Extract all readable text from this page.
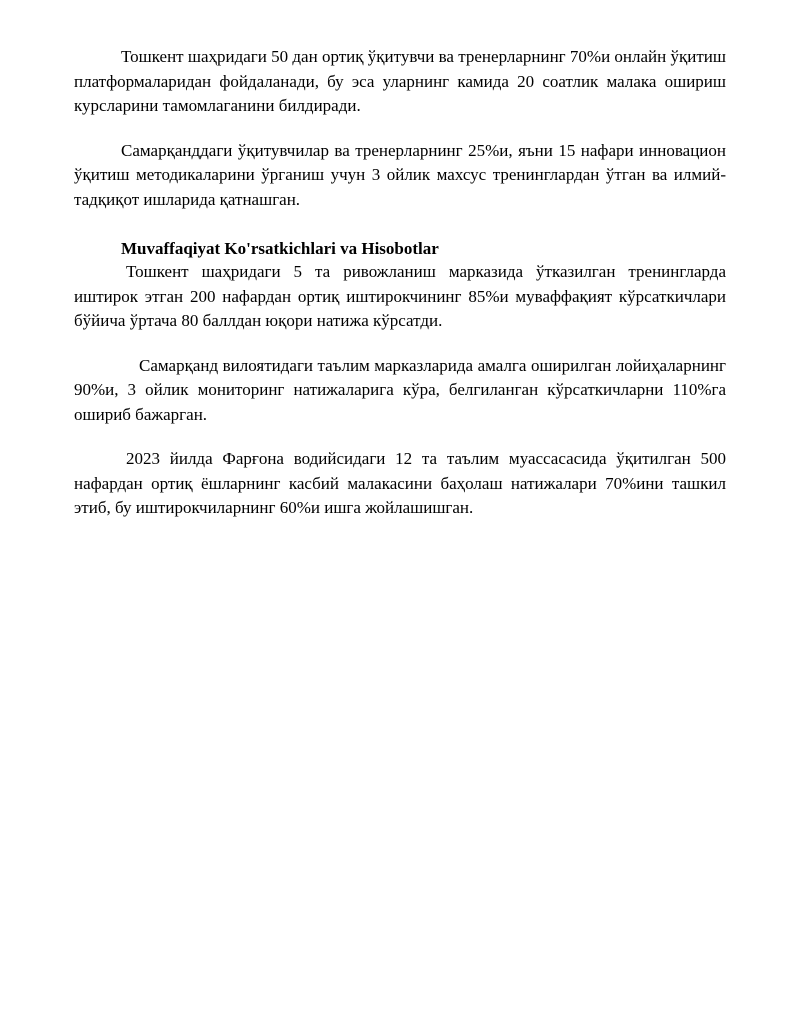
Тошкент шаҳридаги 50 дан ортиқ ўқитувчи ва тренерларнинг 70%и онлайн ўқитиш платформаларидан фойдаланади, бу эса уларнинг камида 20 соатлик малака ошириш курсларини тамомлаганини билдиради.

Самарқанддаги ўқитувчилар ва тренерларнинг 25%и, яъни 15 нафари инновацион ўқитиш методикаларини ўрганиш учун 3 ойлик махсус тренинглардан ўтган ва илмий-тадқиқот ишларида қатнашган.

Muvaffaqiyat Ko'rsatkichlari va Hisobotlar

Тошкент шаҳридаги 5 та ривожланиш марказида ўтказилган тренингларда иштирок этган 200 нафардан ортиқ иштирокчининг 85%и муваффақият кўрсаткичлари бўйича ўртача 80 баллдан юқори натижа кўрсатди.

Самарқанд вилоятидаги таълим марказларида амалга оширилган лойиҳаларнинг 90%и, 3 ойлик мониторинг натижаларига кўра, белгиланган кўрсаткичларни 110%га ошириб бажарган.

2023 йилда Фарғона водийсидаги 12 та таълим муассасасида ўқитилган 500 нафардан ортиқ ёшларнинг касбий малакасини баҳолаш натижалари 70%ини ташкил этиб, бу иштирокчиларнинг 60%и ишга жойлашишган.
